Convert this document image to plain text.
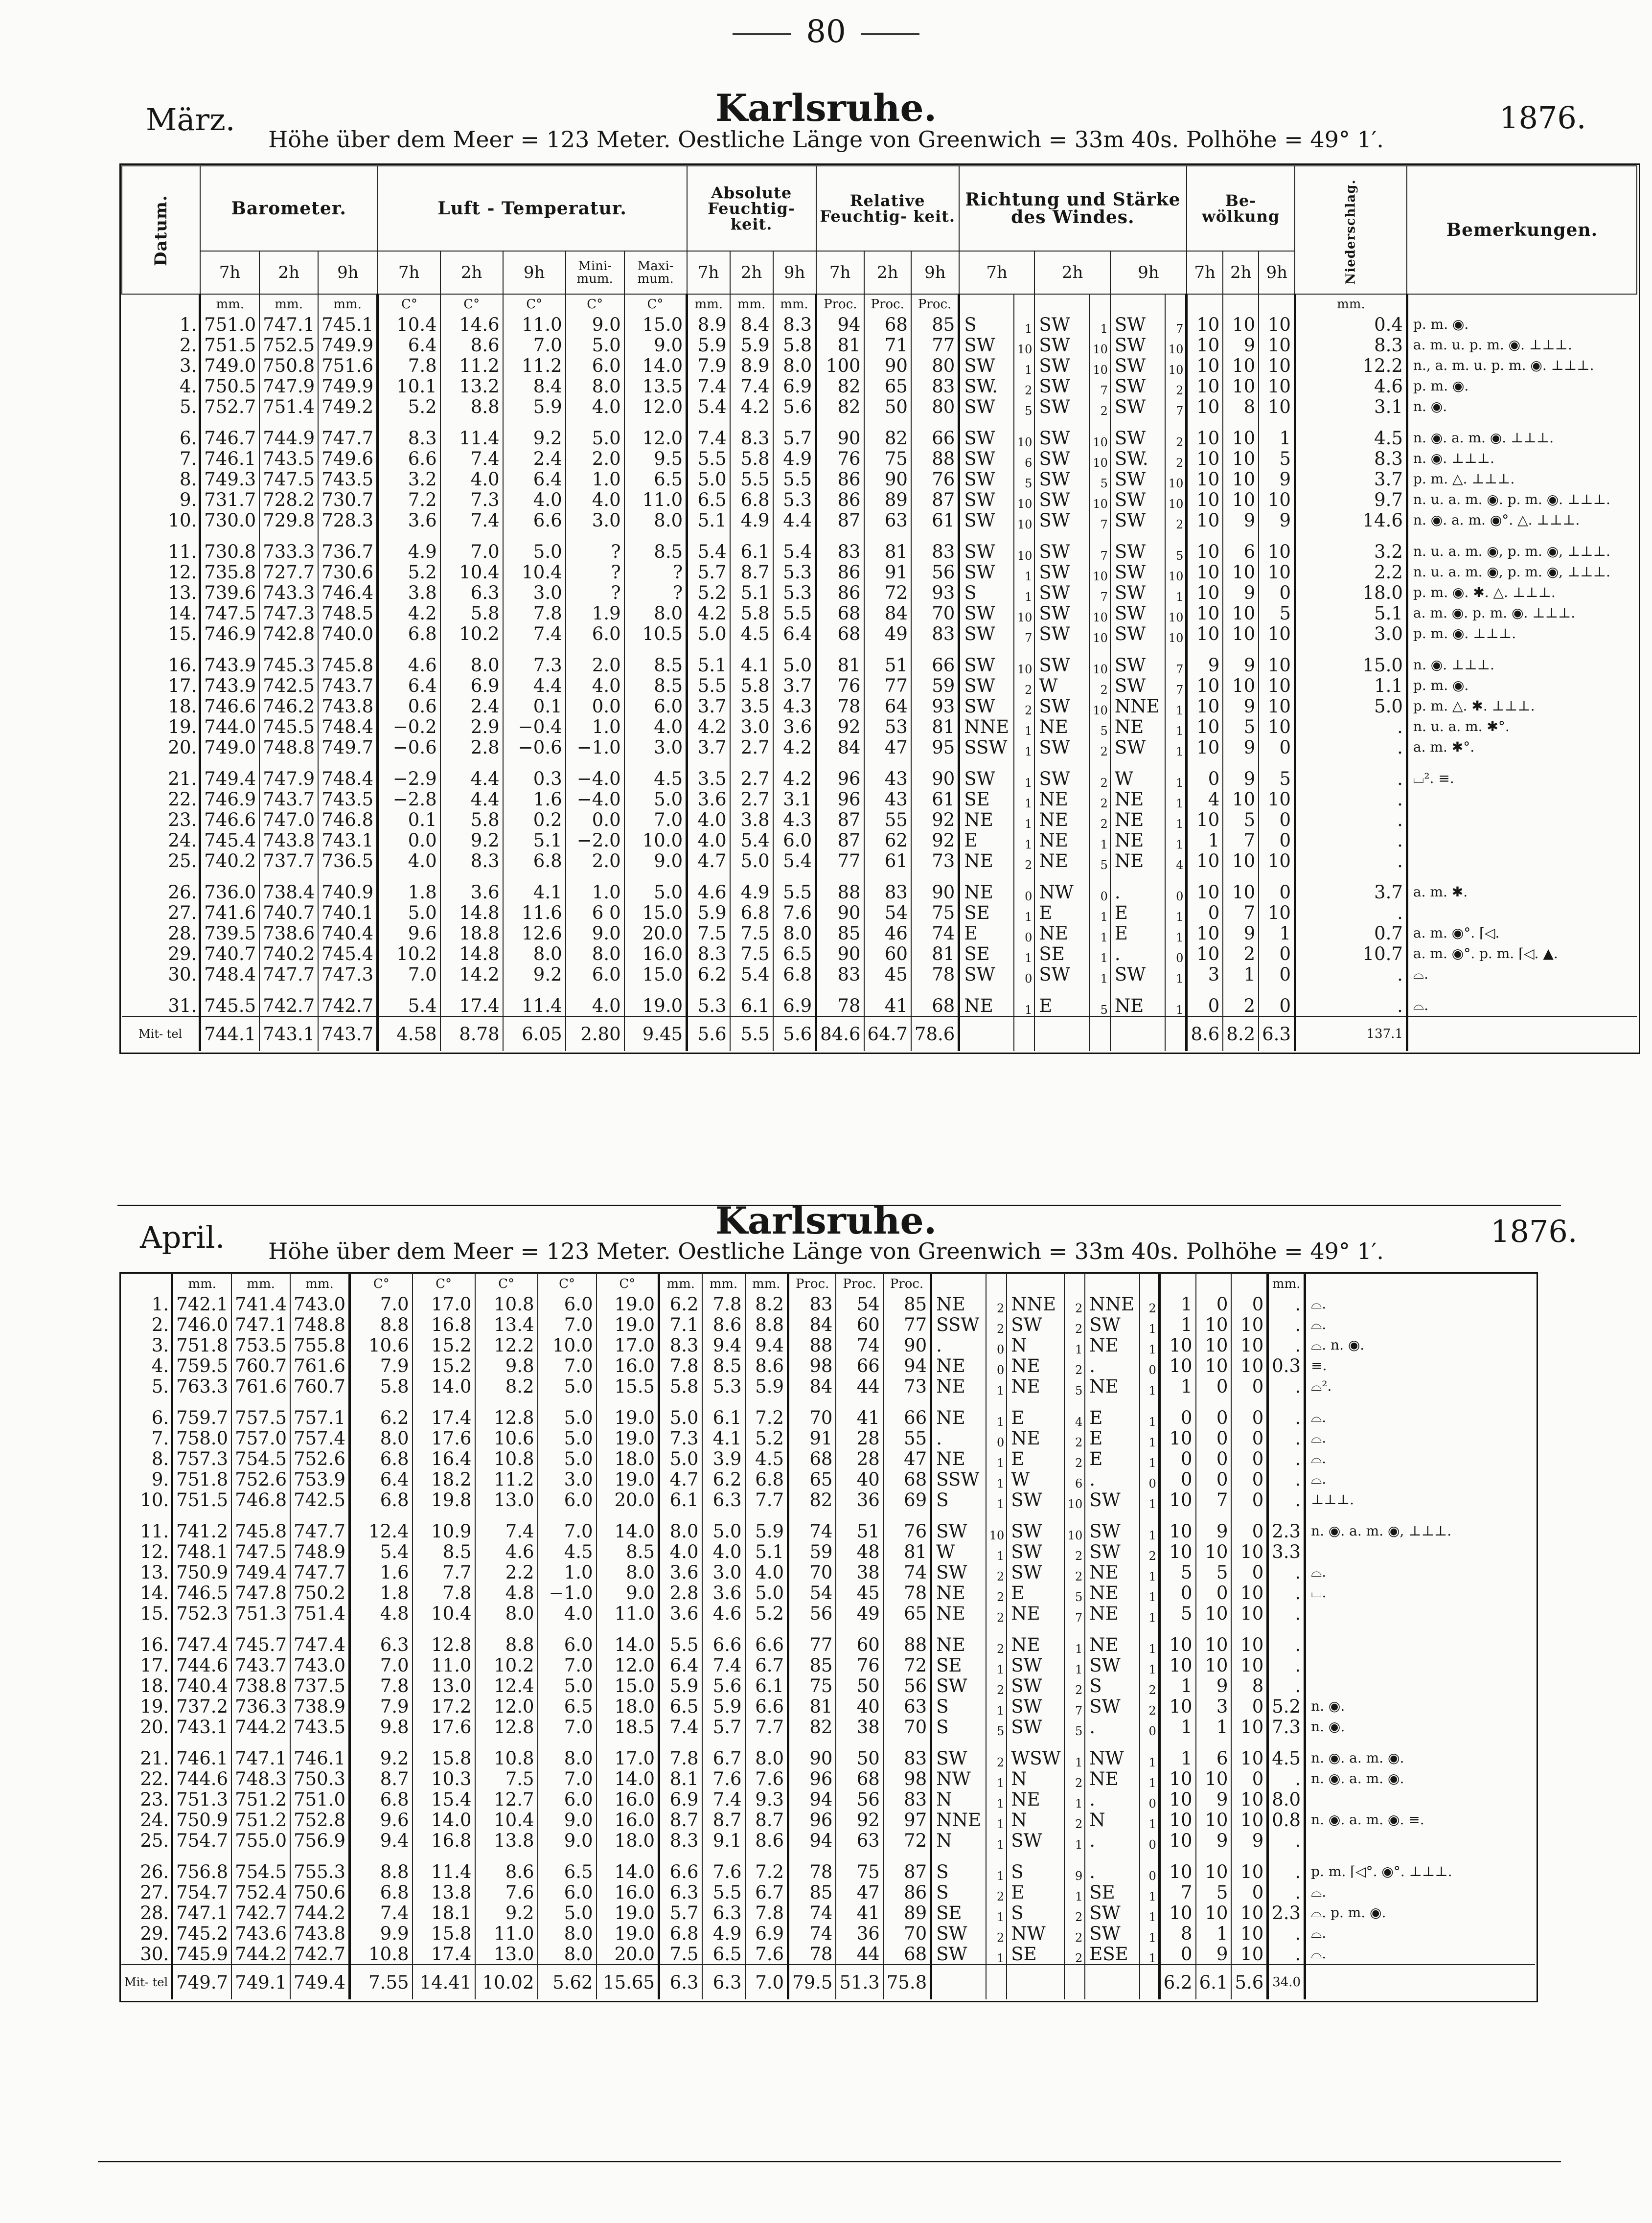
80
März.	Karlsruhe.	1876.
Höhe über dem Meer = 123 Meter. Oestliche Länge von Greenwich = 33m 40s. Polhöhe = 49° 1′.
Datum.	Barometer.			Luft - Temperatur.					Absolute Feuchtig- keit.			Relative Feuchtig- keit.			Richtung und Stärke des Windes.						Be- wölkung			Niederschlag.	Bemerkungen.
	7h	2h	9h	7h	2h	9h	Mini- mum.	Maxi- mum.	7h	2h	9h	7h	2h	9h	7h		2h		9h		7h	2h	9h		
	mm.	mm.	mm.	C°	C°	C°	C°	C°	mm.	mm.	mm.	Proc.	Proc.	Proc.										mm.	
1.	751.0	747.1	745.1	10.4	14.6	11.0	9.0	15.0	8.9	8.4	8.3	94	68	85	S	1	SW	1	SW	7	10	10	10	0.4	p. m. ◉.
2.	751.5	752.5	749.9	6.4	8.6	7.0	5.0	9.0	5.9	5.9	5.8	81	71	77	SW	10	SW	10	SW	10	10	9	10	8.3	a. m. u. p. m. ◉. ⊥⊥⊥.
3.	749.0	750.8	751.6	7.8	11.2	11.2	6.0	14.0	7.9	8.9	8.0	100	90	80	SW	1	SW	10	SW	10	10	10	10	12.2	n., a. m. u. p. m. ◉. ⊥⊥⊥.
4.	750.5	747.9	749.9	10.1	13.2	8.4	8.0	13.5	7.4	7.4	6.9	82	65	83	SW.	2	SW	7	SW	2	10	10	10	4.6	p. m. ◉.
5.	752.7	751.4	749.2	5.2	8.8	5.9	4.0	12.0	5.4	4.2	5.6	82	50	80	SW	5	SW	2	SW	7	10	8	10	3.1	n. ◉.

6.	746.7	744.9	747.7	8.3	11.4	9.2	5.0	12.0	7.4	8.3	5.7	90	82	66	SW	10	SW	10	SW	2	10	10	1	4.5	n. ◉. a. m. ◉. ⊥⊥⊥.
7.	746.1	743.5	749.6	6.6	7.4	2.4	2.0	9.5	5.5	5.8	4.9	76	75	88	SW	6	SW	10	SW.	2	10	10	5	8.3	n. ◉. ⊥⊥⊥.
8.	749.3	747.5	743.5	3.2	4.0	6.4	1.0	6.5	5.0	5.5	5.5	86	90	76	SW	5	SW	5	SW	10	10	10	9	3.7	p. m. △. ⊥⊥⊥.
9.	731.7	728.2	730.7	7.2	7.3	4.0	4.0	11.0	6.5	6.8	5.3	86	89	87	SW	10	SW	10	SW	10	10	10	10	9.7	n. u. a. m. ◉. p. m. ◉. ⊥⊥⊥.
10.	730.0	729.8	728.3	3.6	7.4	6.6	3.0	8.0	5.1	4.9	4.4	87	63	61	SW	10	SW	7	SW	2	10	9	9	14.6	n. ◉. a. m. ◉°. △. ⊥⊥⊥.

11.	730.8	733.3	736.7	4.9	7.0	5.0	?	8.5	5.4	6.1	5.4	83	81	83	SW	10	SW	7	SW	5	10	6	10	3.2	n. u. a. m. ◉, p. m. ◉, ⊥⊥⊥.
12.	735.8	727.7	730.6	5.2	10.4	10.4	?	?	5.7	8.7	5.3	86	91	56	SW	1	SW	10	SW	10	10	10	10	2.2	n. u. a. m. ◉, p. m. ◉, ⊥⊥⊥.
13.	739.6	743.3	746.4	3.8	6.3	3.0	?	?	5.2	5.1	5.3	86	72	93	S	1	SW	7	SW	1	10	9	0	18.0	p. m. ◉. ✱. △. ⊥⊥⊥.
14.	747.5	747.3	748.5	4.2	5.8	7.8	1.9	8.0	4.2	5.8	5.5	68	84	70	SW	10	SW	10	SW	10	10	10	5	5.1	a. m. ◉. p. m. ◉. ⊥⊥⊥.
15.	746.9	742.8	740.0	6.8	10.2	7.4	6.0	10.5	5.0	4.5	6.4	68	49	83	SW	7	SW	10	SW	10	10	10	10	3.0	p. m. ◉. ⊥⊥⊥.

16.	743.9	745.3	745.8	4.6	8.0	7.3	2.0	8.5	5.1	4.1	5.0	81	51	66	SW	10	SW	10	SW	7	9	9	10	15.0	n. ◉. ⊥⊥⊥.
17.	743.9	742.5	743.7	6.4	6.9	4.4	4.0	8.5	5.5	5.8	3.7	76	77	59	SW	2	W	2	SW	7	10	10	10	1.1	p. m. ◉.
18.	746.6	746.2	743.8	0.6	2.4	0.1	0.0	6.0	3.7	3.5	4.3	78	64	93	SW	2	SW	10	NNE	1	10	9	10	5.0	p. m. △. ✱. ⊥⊥⊥.
19.	744.0	745.5	748.4	−0.2	2.9	−0.4	1.0	4.0	4.2	3.0	3.6	92	53	81	NNE	1	NE	5	NE	1	10	5	10	.	n. u. a. m. ✱°.
20.	749.0	748.8	749.7	−0.6	2.8	−0.6	−1.0	3.0	3.7	2.7	4.2	84	47	95	SSW	1	SW	2	SW	1	10	9	0	.	a. m. ✱°.

21.	749.4	747.9	748.4	−2.9	4.4	0.3	−4.0	4.5	3.5	2.7	4.2	96	43	90	SW	1	SW	2	W	1	0	9	5	.	⌴². ≡.
22.	746.9	743.7	743.5	−2.8	4.4	1.6	−4.0	5.0	3.6	2.7	3.1	96	43	61	SE	1	NE	2	NE	1	4	10	10	.	
23.	746.6	747.0	746.8	0.1	5.8	0.2	0.0	7.0	4.0	3.8	4.3	87	55	92	NE	1	NE	2	NE	1	10	5	0	.	
24.	745.4	743.8	743.1	0.0	9.2	5.1	−2.0	10.0	4.0	5.4	6.0	87	62	92	E	1	NE	1	NE	1	1	7	0	.	
25.	740.2	737.7	736.5	4.0	8.3	6.8	2.0	9.0	4.7	5.0	5.4	77	61	73	NE	2	NE	5	NE	4	10	10	10	.	

26.	736.0	738.4	740.9	1.8	3.6	4.1	1.0	5.0	4.6	4.9	5.5	88	83	90	NE	0	NW	0	.	0	10	10	0	3.7	a. m. ✱.
27.	741.6	740.7	740.1	5.0	14.8	11.6	6 0	15.0	5.9	6.8	7.6	90	54	75	SE	1	E	1	E	1	0	7	10	.	
28.	739.5	738.6	740.4	9.6	18.8	12.6	9.0	20.0	7.5	7.5	8.0	85	46	74	E	0	NE	1	E	1	10	9	1	0.7	a. m. ◉°. ⌈◁.
29.	740.7	740.2	745.4	10.2	14.8	8.0	8.0	16.0	8.3	7.5	6.5	90	60	81	SE	1	SE	1	.	0	10	2	0	10.7	a. m. ◉°. p. m. ⌈◁. ▲.
30.	748.4	747.7	747.3	7.0	14.2	9.2	6.0	15.0	6.2	5.4	6.8	83	45	78	SW	0	SW	1	SW	1	3	1	0	.	⌓.

31.	745.5	742.7	742.7	5.4	17.4	11.4	4.0	19.0	5.3	6.1	6.9	78	41	68	NE	1	E	5	NE	1	0	2	0	.	⌓.
Mit- tel	744.1	743.1	743.7	4.58	8.78	6.05	2.80	9.45	5.6	5.5	5.6	84.6	64.7	78.6							8.6	8.2	6.3	137.1	
April.	Karlsruhe.	1876.
Höhe über dem Meer = 123 Meter. Oestliche Länge von Greenwich = 33m 40s. Polhöhe = 49° 1′.
	mm.	mm.	mm.	C°	C°	C°	C°	C°	mm.	mm.	mm.	Proc.	Proc.	Proc.										mm.	
1.	742.1	741.4	743.0	7.0	17.0	10.8	6.0	19.0	6.2	7.8	8.2	83	54	85	NE	2	NNE	2	NNE	2	1	0	0	.	⌓.
2.	746.0	747.1	748.8	8.8	16.8	13.4	7.0	19.0	7.1	8.6	8.8	84	60	77	SSW	2	SW	2	SW	1	1	10	10	.	⌓.
3.	751.8	753.5	755.8	10.6	15.2	12.2	10.0	17.0	8.3	9.4	9.4	88	74	90	.	0	N	1	NE	1	10	10	10	.	⌓. n. ◉.
4.	759.5	760.7	761.6	7.9	15.2	9.8	7.0	16.0	7.8	8.5	8.6	98	66	94	NE	0	NE	2	.	0	10	10	10	0.3	≡.
5.	763.3	761.6	760.7	5.8	14.0	8.2	5.0	15.5	5.8	5.3	5.9	84	44	73	NE	1	NE	5	NE	1	1	0	0	.	⌓².

6.	759.7	757.5	757.1	6.2	17.4	12.8	5.0	19.0	5.0	6.1	7.2	70	41	66	NE	1	E	4	E	1	0	0	0	.	⌓.
7.	758.0	757.0	757.4	8.0	17.6	10.6	5.0	19.0	7.3	4.1	5.2	91	28	55	.	0	NE	2	E	1	10	0	0	.	⌓.
8.	757.3	754.5	752.6	6.8	16.4	10.8	5.0	18.0	5.0	3.9	4.5	68	28	47	NE	1	E	2	E	1	0	0	0	.	⌓.
9.	751.8	752.6	753.9	6.4	18.2	11.2	3.0	19.0	4.7	6.2	6.8	65	40	68	SSW	1	W	6	.	0	0	0	0	.	⌓.
10.	751.5	746.8	742.5	6.8	19.8	13.0	6.0	20.0	6.1	6.3	7.7	82	36	69	S	1	SW	10	SW	1	10	7	0	.	⊥⊥⊥.

11.	741.2	745.8	747.7	12.4	10.9	7.4	7.0	14.0	8.0	5.0	5.9	74	51	76	SW	10	SW	10	SW	1	10	9	0	2.3	n. ◉. a. m. ◉, ⊥⊥⊥.
12.	748.1	747.5	748.9	5.4	8.5	4.6	4.5	8.5	4.0	4.0	5.1	59	48	81	W	1	SW	2	SW	2	10	10	10	3.3	
13.	750.9	749.4	747.7	1.6	7.7	2.2	1.0	8.0	3.6	3.0	4.0	70	38	74	SW	2	SW	2	NE	1	5	5	0	.	⌓.
14.	746.5	747.8	750.2	1.8	7.8	4.8	−1.0	9.0	2.8	3.6	5.0	54	45	78	NE	2	E	5	NE	1	0	0	10	.	⌴.
15.	752.3	751.3	751.4	4.8	10.4	8.0	4.0	11.0	3.6	4.6	5.2	56	49	65	NE	2	NE	7	NE	1	5	10	10	.	

16.	747.4	745.7	747.4	6.3	12.8	8.8	6.0	14.0	5.5	6.6	6.6	77	60	88	NE	2	NE	1	NE	1	10	10	10	.	
17.	744.6	743.7	743.0	7.0	11.0	10.2	7.0	12.0	6.4	7.4	6.7	85	76	72	SE	1	SW	1	SW	1	10	10	10	.	
18.	740.4	738.8	737.5	7.8	13.0	12.4	5.0	15.0	5.9	5.6	6.1	75	50	56	SW	2	SW	2	S	2	1	9	8	.	
19.	737.2	736.3	738.9	7.9	17.2	12.0	6.5	18.0	6.5	5.9	6.6	81	40	63	S	1	SW	7	SW	2	10	3	0	5.2	n. ◉.
20.	743.1	744.2	743.5	9.8	17.6	12.8	7.0	18.5	7.4	5.7	7.7	82	38	70	S	5	SW	5	.	0	1	1	10	7.3	n. ◉.

21.	746.1	747.1	746.1	9.2	15.8	10.8	8.0	17.0	7.8	6.7	8.0	90	50	83	SW	2	WSW	1	NW	1	1	6	10	4.5	n. ◉. a. m. ◉.
22.	744.6	748.3	750.3	8.7	10.3	7.5	7.0	14.0	8.1	7.6	7.6	96	68	98	NW	1	N	2	NE	1	10	10	0	.	n. ◉. a. m. ◉.
23.	751.3	751.2	751.0	6.8	15.4	12.7	6.0	16.0	6.9	7.4	9.3	94	56	83	N	1	NE	1	.	0	10	9	10	8.0	
24.	750.9	751.2	752.8	9.6	14.0	10.4	9.0	16.0	8.7	8.7	8.7	96	92	97	NNE	1	N	2	N	1	10	10	10	0.8	n. ◉. a. m. ◉. ≡.
25.	754.7	755.0	756.9	9.4	16.8	13.8	9.0	18.0	8.3	9.1	8.6	94	63	72	N	1	SW	1	.	0	10	9	9	.	

26.	756.8	754.5	755.3	8.8	11.4	8.6	6.5	14.0	6.6	7.6	7.2	78	75	87	S	1	S	9	.	0	10	10	10	.	p. m. ⌈◁°. ◉°. ⊥⊥⊥.
27.	754.7	752.4	750.6	6.8	13.8	7.6	6.0	16.0	6.3	5.5	6.7	85	47	86	S	2	E	1	SE	1	7	5	0	.	⌓.
28.	747.1	742.7	744.2	7.4	18.1	9.2	5.0	19.0	5.7	6.3	7.8	74	41	89	SE	1	S	2	SW	1	10	10	10	2.3	⌓. p. m. ◉.
29.	745.2	743.6	743.8	9.9	15.8	11.0	8.0	19.0	6.8	4.9	6.9	74	36	70	SW	2	NW	2	SW	1	8	1	10	.	⌓.
30.	745.9	744.2	742.7	10.8	17.4	13.0	8.0	20.0	7.5	6.5	7.6	78	44	68	SW	1	SE	2	ESE	1	0	9	10	.	⌓.
Mit- tel	749.7	749.1	749.4	7.55	14.41	10.02	5.62	15.65	6.3	6.3	7.0	79.5	51.3	75.8							6.2	6.1	5.6	34.0	
